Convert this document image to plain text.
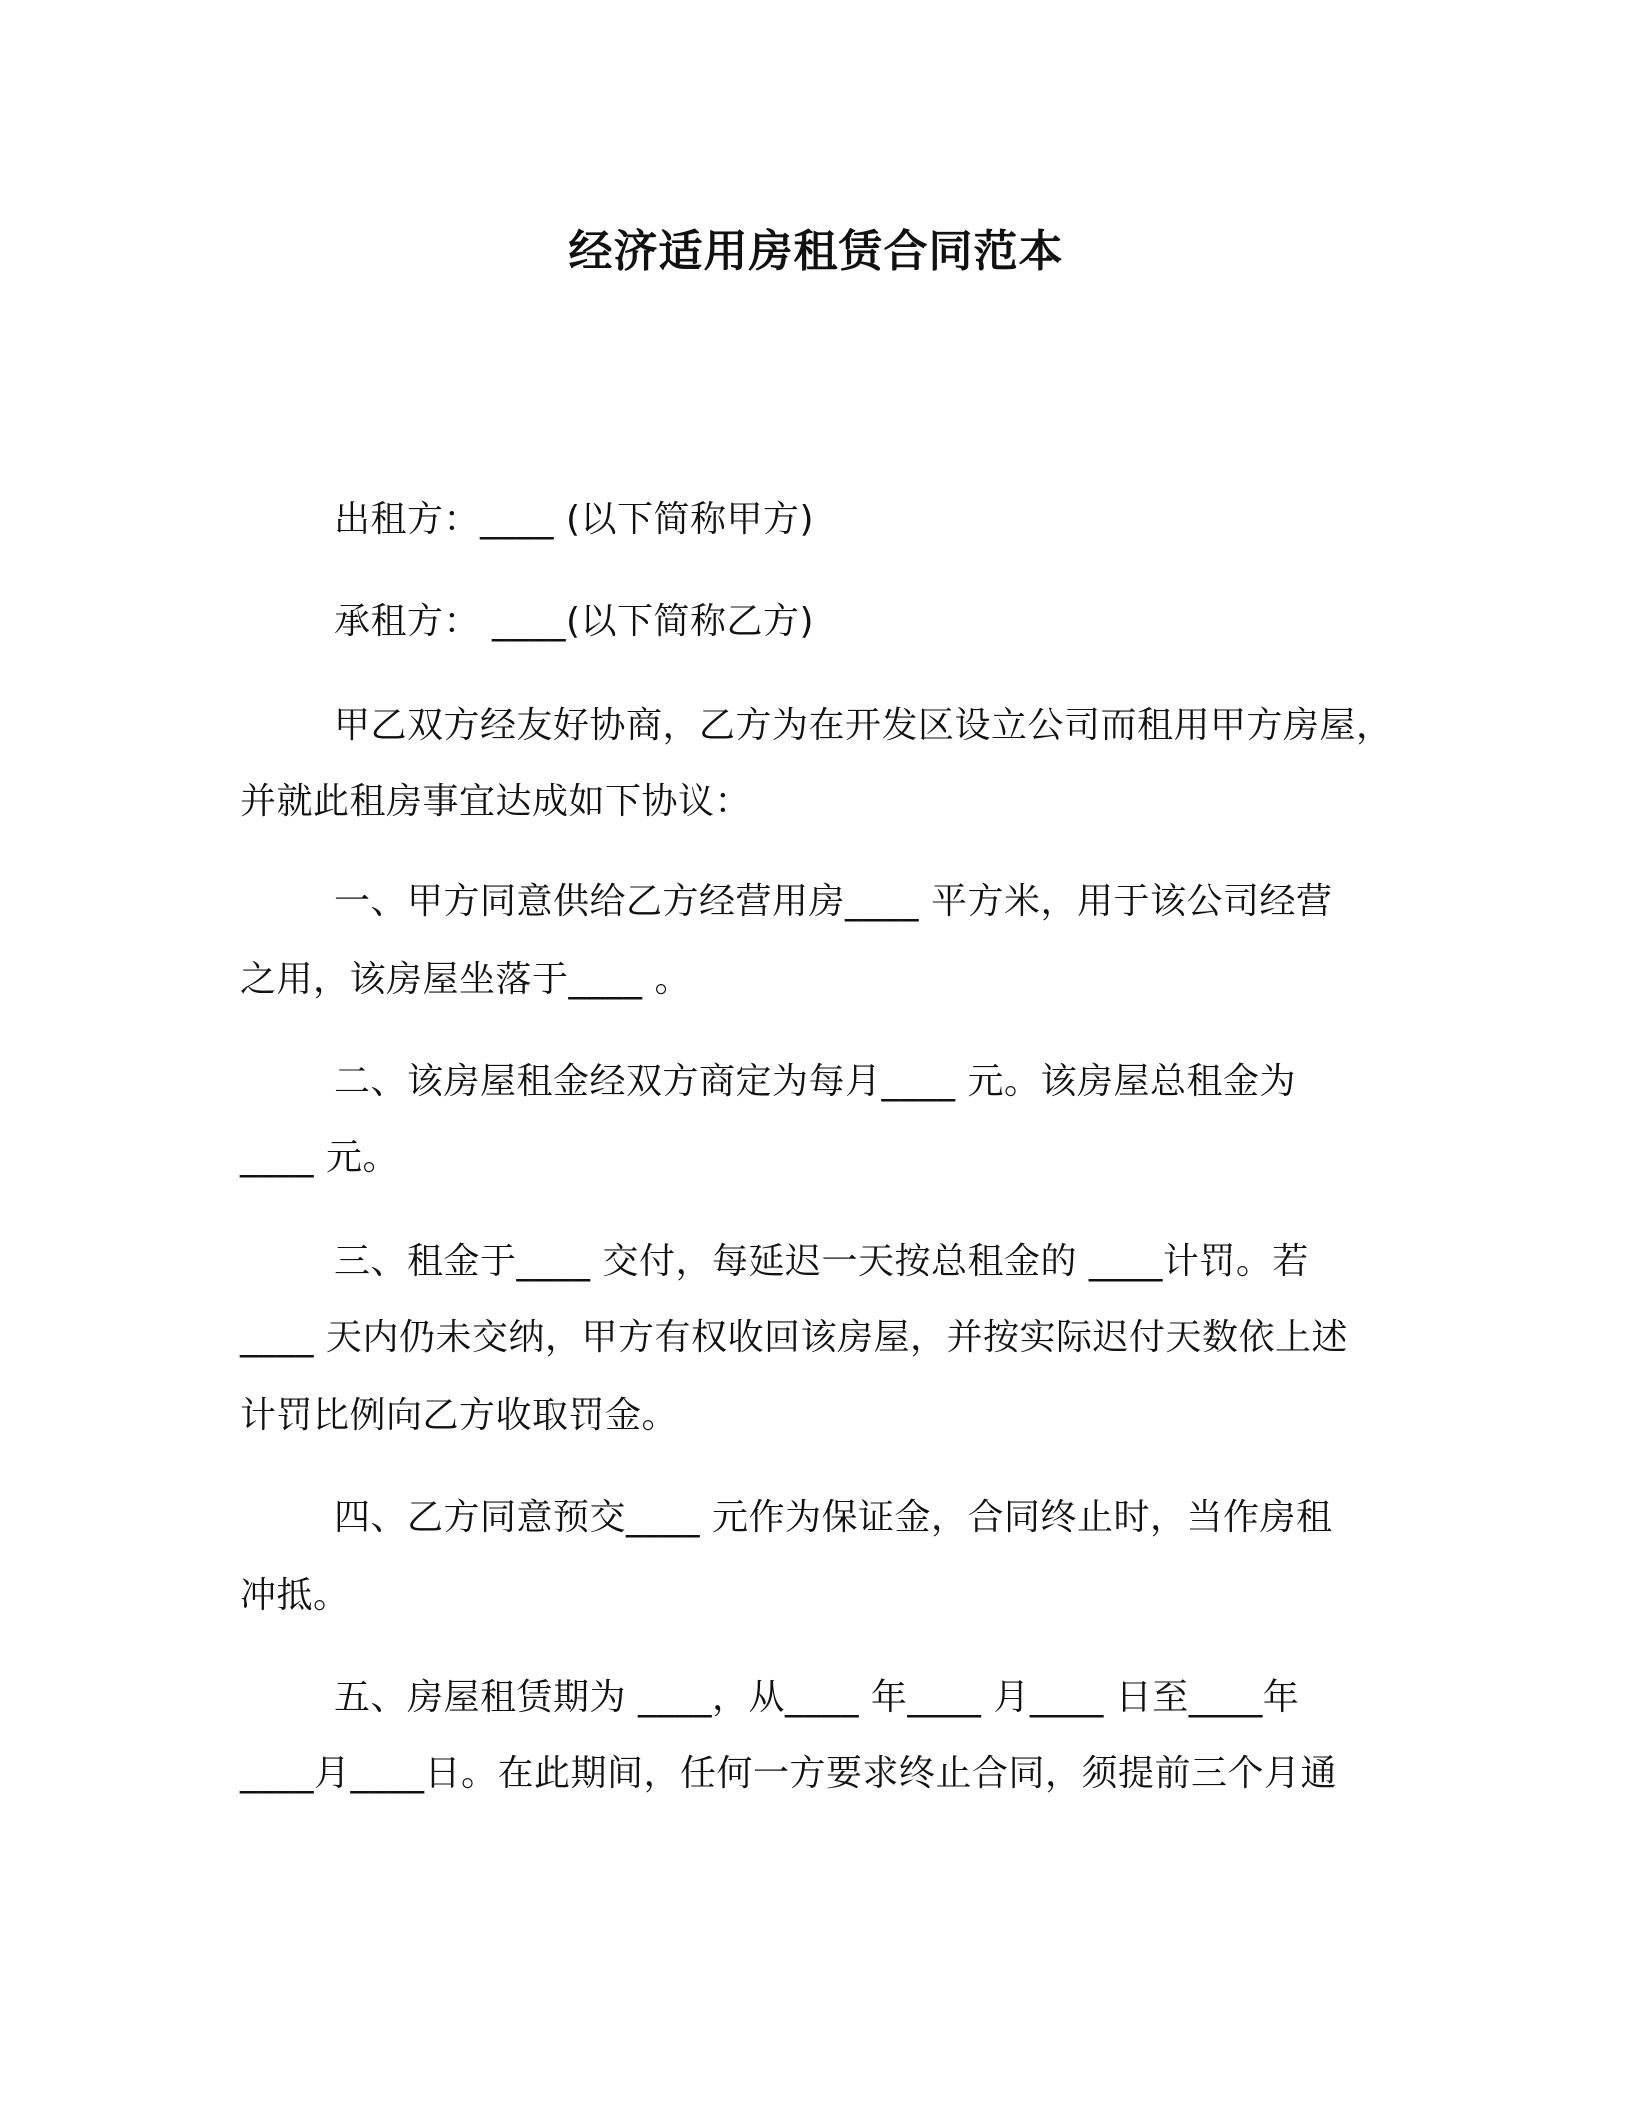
经济适用房租赁合同范本
出租方：____ (以下简称甲方)
承租方： ____(以下简称乙方)
甲乙双方经友好协商，乙方为在开发区设立公司而租用甲方房屋，
并就此租房事宜达成如下协议：
一、甲方同意供给乙方经营用房____ 平方米，用于该公司经营
之用，该房屋坐落于____ 。
二、该房屋租金经双方商定为每月____ 元。该房屋总租金为
____ 元。
三、租金于____ 交付，每延迟一天按总租金的 ____计罚。若
____ 天内仍未交纳，甲方有权收回该房屋，并按实际迟付天数依上述
计罚比例向乙方收取罚金。
四、乙方同意预交____ 元作为保证金，合同终止时，当作房租
冲抵。
五、房屋租赁期为 ____，从____ 年____ 月____ 日至____年
____月____日。在此期间，任何一方要求终止合同，须提前三个月通
